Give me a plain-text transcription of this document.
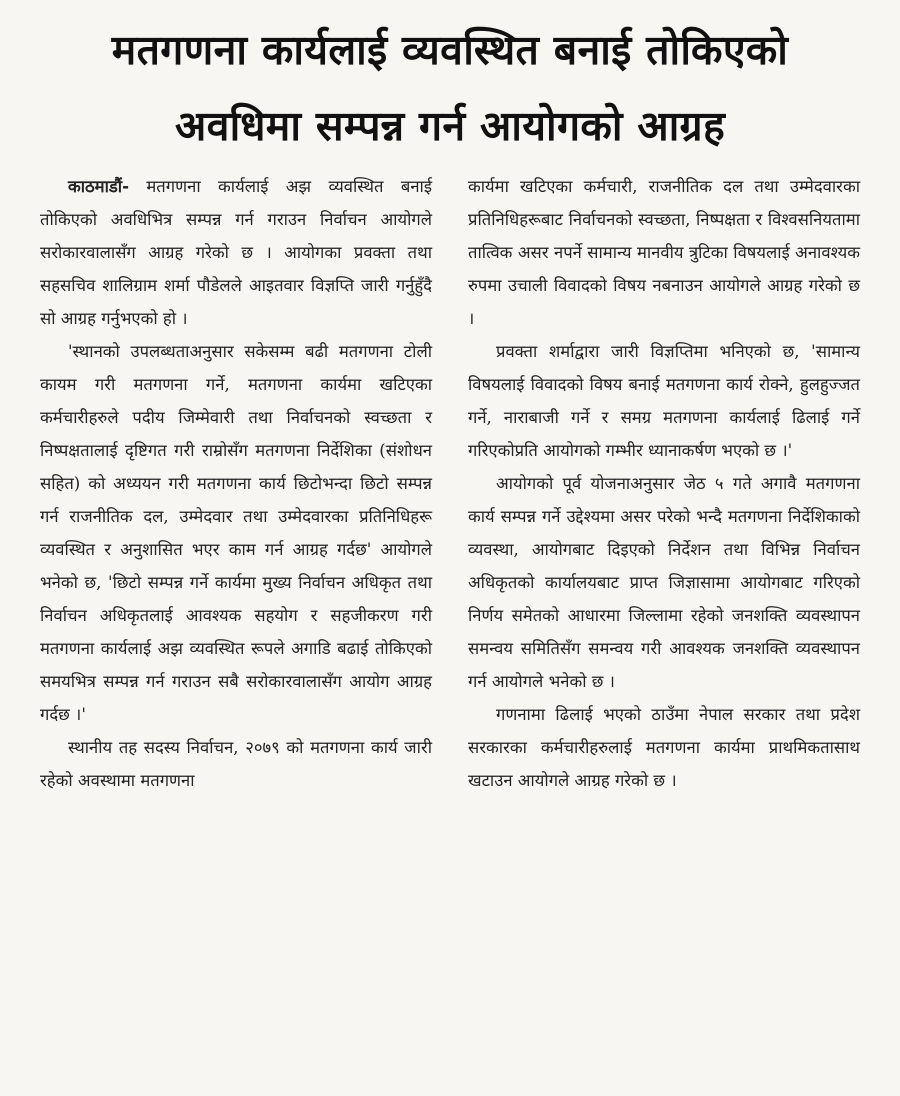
मतगणना कार्यलाई व्यवस्थित बनाई तोकिएको
अवधिमा सम्पन्न गर्न आयोगको आग्रह

काठमाडौं- मतगणना कार्यलाई अझ व्यवस्थित बनाई तोकिएको अवधिभित्र सम्पन्न गर्न गराउन निर्वाचन आयोगले सरोकारवालासँग आग्रह गरेको छ । आयोगका प्रवक्ता तथा सहसचिव शालिग्राम शर्मा पौडेलले आइतवार विज्ञप्ति जारी गर्नुहुँदै सो आग्रह गर्नुभएको हो ।

'स्थानको उपलब्धताअनुसार सकेसम्म बढी मतगणना टोली कायम गरी मतगणना गर्ने, मतगणना कार्यमा खटिएका कर्मचारीहरुले पदीय जिम्मेवारी तथा निर्वाचनको स्वच्छता र निष्पक्षतालाई दृष्टिगत गरी राम्रोसँग मतगणना निर्देशिका (संशोधन सहित) को अध्ययन गरी मतगणना कार्य छिटोभन्दा छिटो सम्पन्न गर्न राजनीतिक दल, उम्मेदवार तथा उम्मेदवारका प्रतिनिधिहरू व्यवस्थित र अनुशासित भएर काम गर्न आग्रह गर्दछ' आयोगले भनेको छ, 'छिटो सम्पन्न गर्ने कार्यमा मुख्य निर्वाचन अधिकृत तथा निर्वाचन अधिकृतलाई आवश्यक सहयोग र सहजीकरण गरी मतगणना कार्यलाई अझ व्यवस्थित रूपले अगाडि बढाई तोकिएको समयभित्र सम्पन्न गर्न गराउन सबै सरोकारवालासँग आयोग आग्रह गर्दछ ।'

स्थानीय तह सदस्य निर्वाचन, २०७९ को मतगणना कार्य जारी रहेको अवस्थामा मतगणना

कार्यमा खटिएका कर्मचारी, राजनीतिक दल तथा उम्मेदवारका प्रतिनिधिहरूबाट निर्वाचनको स्वच्छता, निष्पक्षता र विश्वसनियतामा तात्विक असर नपर्ने सामान्य मानवीय त्रुटिका विषयलाई अनावश्यक रुपमा उचाली विवादको विषय नबनाउन आयोगले आग्रह गरेको छ ।

प्रवक्ता शर्माद्वारा जारी विज्ञप्तिमा भनिएको छ, 'सामान्य विषयलाई विवादको विषय बनाई मतगणना कार्य रोक्ने, हुलहुज्जत गर्ने, नाराबाजी गर्ने र समग्र मतगणना कार्यलाई ढिलाई गर्ने गरिएकोप्रति आयोगको गम्भीर ध्यानाकर्षण भएको छ ।'

आयोगको पूर्व योजनाअनुसार जेठ ५ गते अगावै मतगणना कार्य सम्पन्न गर्ने उद्देश्यमा असर परेको भन्दै मतगणना निर्देशिकाको व्यवस्था, आयोगबाट दिइएको निर्देशन तथा विभिन्न निर्वाचन अधिकृतको कार्यालयबाट प्राप्त जिज्ञासामा आयोगबाट गरिएको निर्णय समेतको आधारमा जिल्लामा रहेको जनशक्ति व्यवस्थापन समन्वय समितिसँग समन्वय गरी आवश्यक जनशक्ति व्यवस्थापन गर्न आयोगले भनेको छ ।

गणनामा ढिलाई भएको ठाउँमा नेपाल सरकार तथा प्रदेश सरकारका कर्मचारीहरुलाई मतगणना कार्यमा प्राथमिकतासाथ खटाउन आयोगले आग्रह गरेको छ ।
